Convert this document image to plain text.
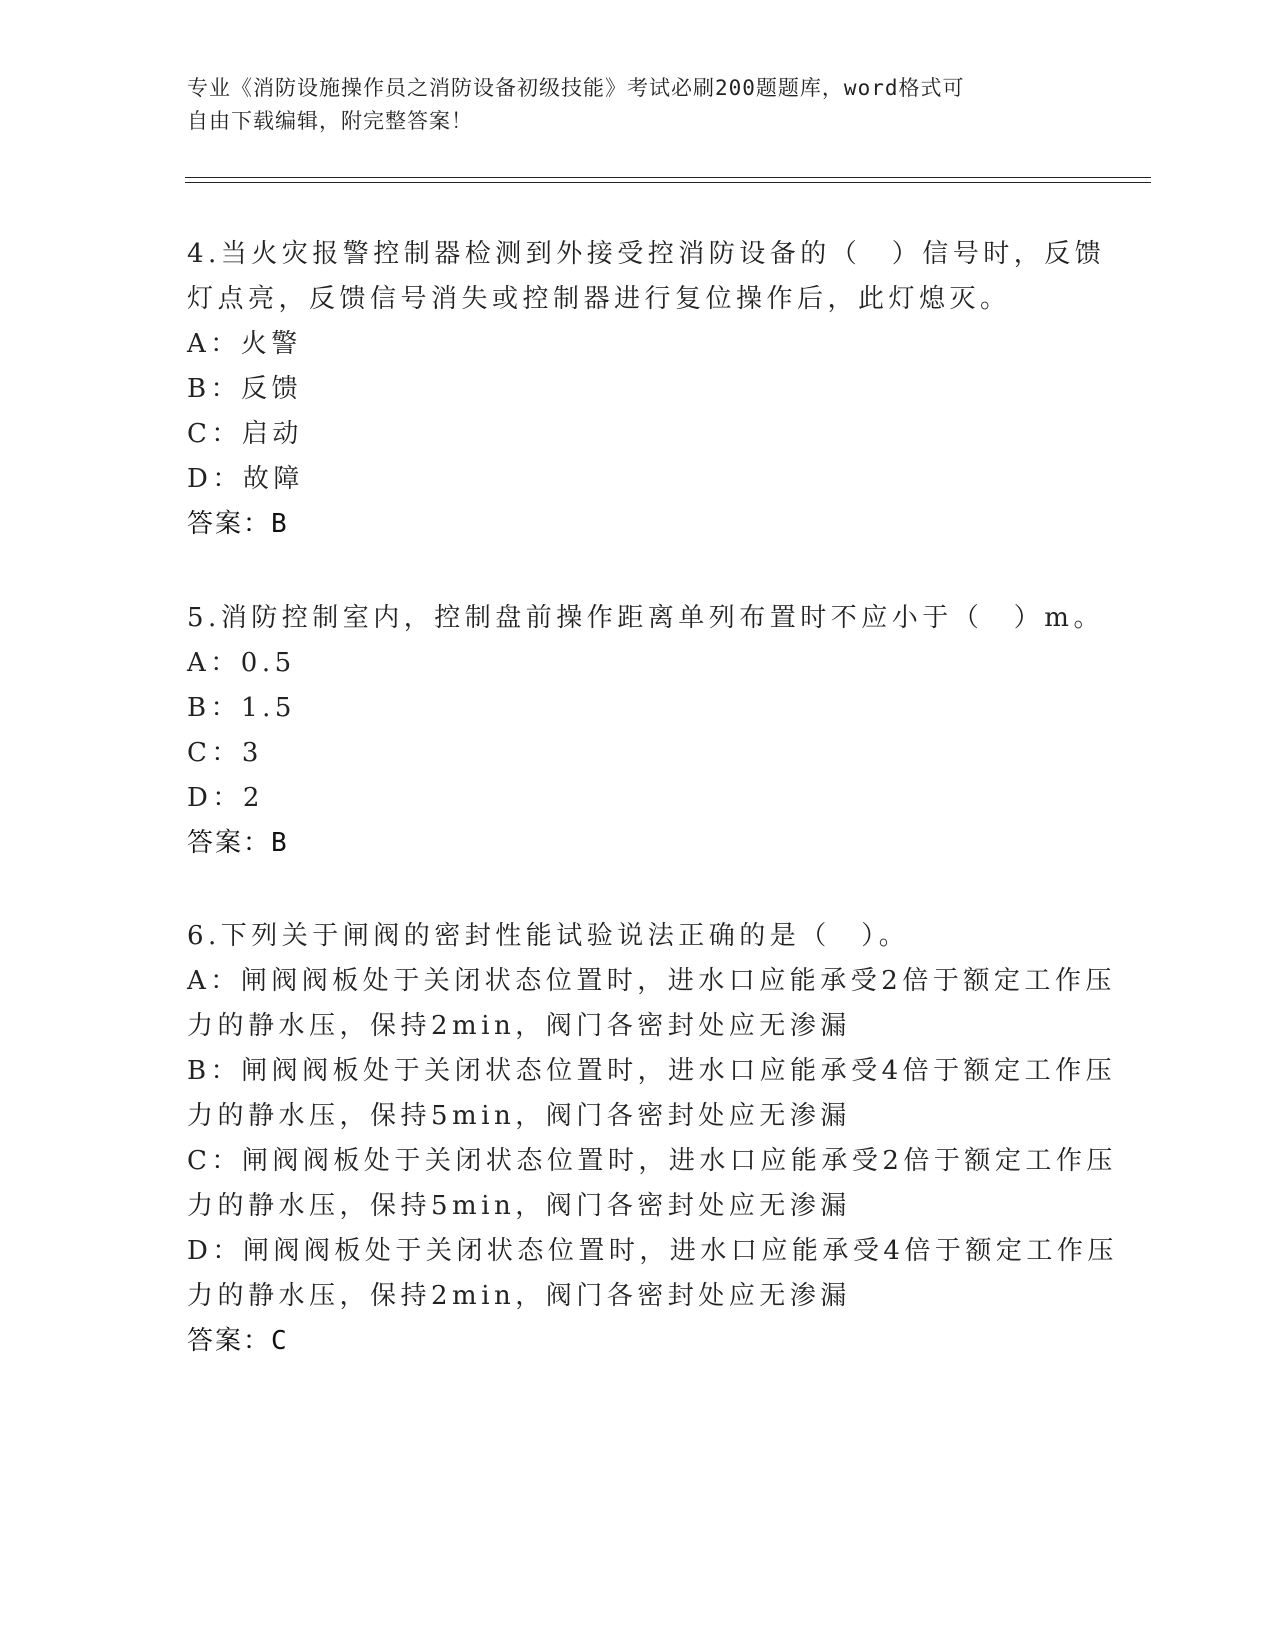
专业《消防设施操作员之消防设备初级技能》考试必刷200题题库，word格式可
自由下载编辑，附完整答案！
4.当火灾报警控制器检测到外接受控消防设备的（　）信号时，反馈
灯点亮，反馈信号消失或控制器进行复位操作后，此灯熄灭。
A：火警
B：反馈
C：启动
D：故障
答案：B
5.消防控制室内，控制盘前操作距离单列布置时不应小于（　）m。
A：0.5
B：1.5
C：3
D：2
答案：B
6.下列关于闸阀的密封性能试验说法正确的是（　）。
A：闸阀阀板处于关闭状态位置时，进水口应能承受2倍于额定工作压
力的静水压，保持2min，阀门各密封处应无渗漏
B：闸阀阀板处于关闭状态位置时，进水口应能承受4倍于额定工作压
力的静水压，保持5min，阀门各密封处应无渗漏
C：闸阀阀板处于关闭状态位置时，进水口应能承受2倍于额定工作压
力的静水压，保持5min，阀门各密封处应无渗漏
D：闸阀阀板处于关闭状态位置时，进水口应能承受4倍于额定工作压
力的静水压，保持2min，阀门各密封处应无渗漏
答案：C
